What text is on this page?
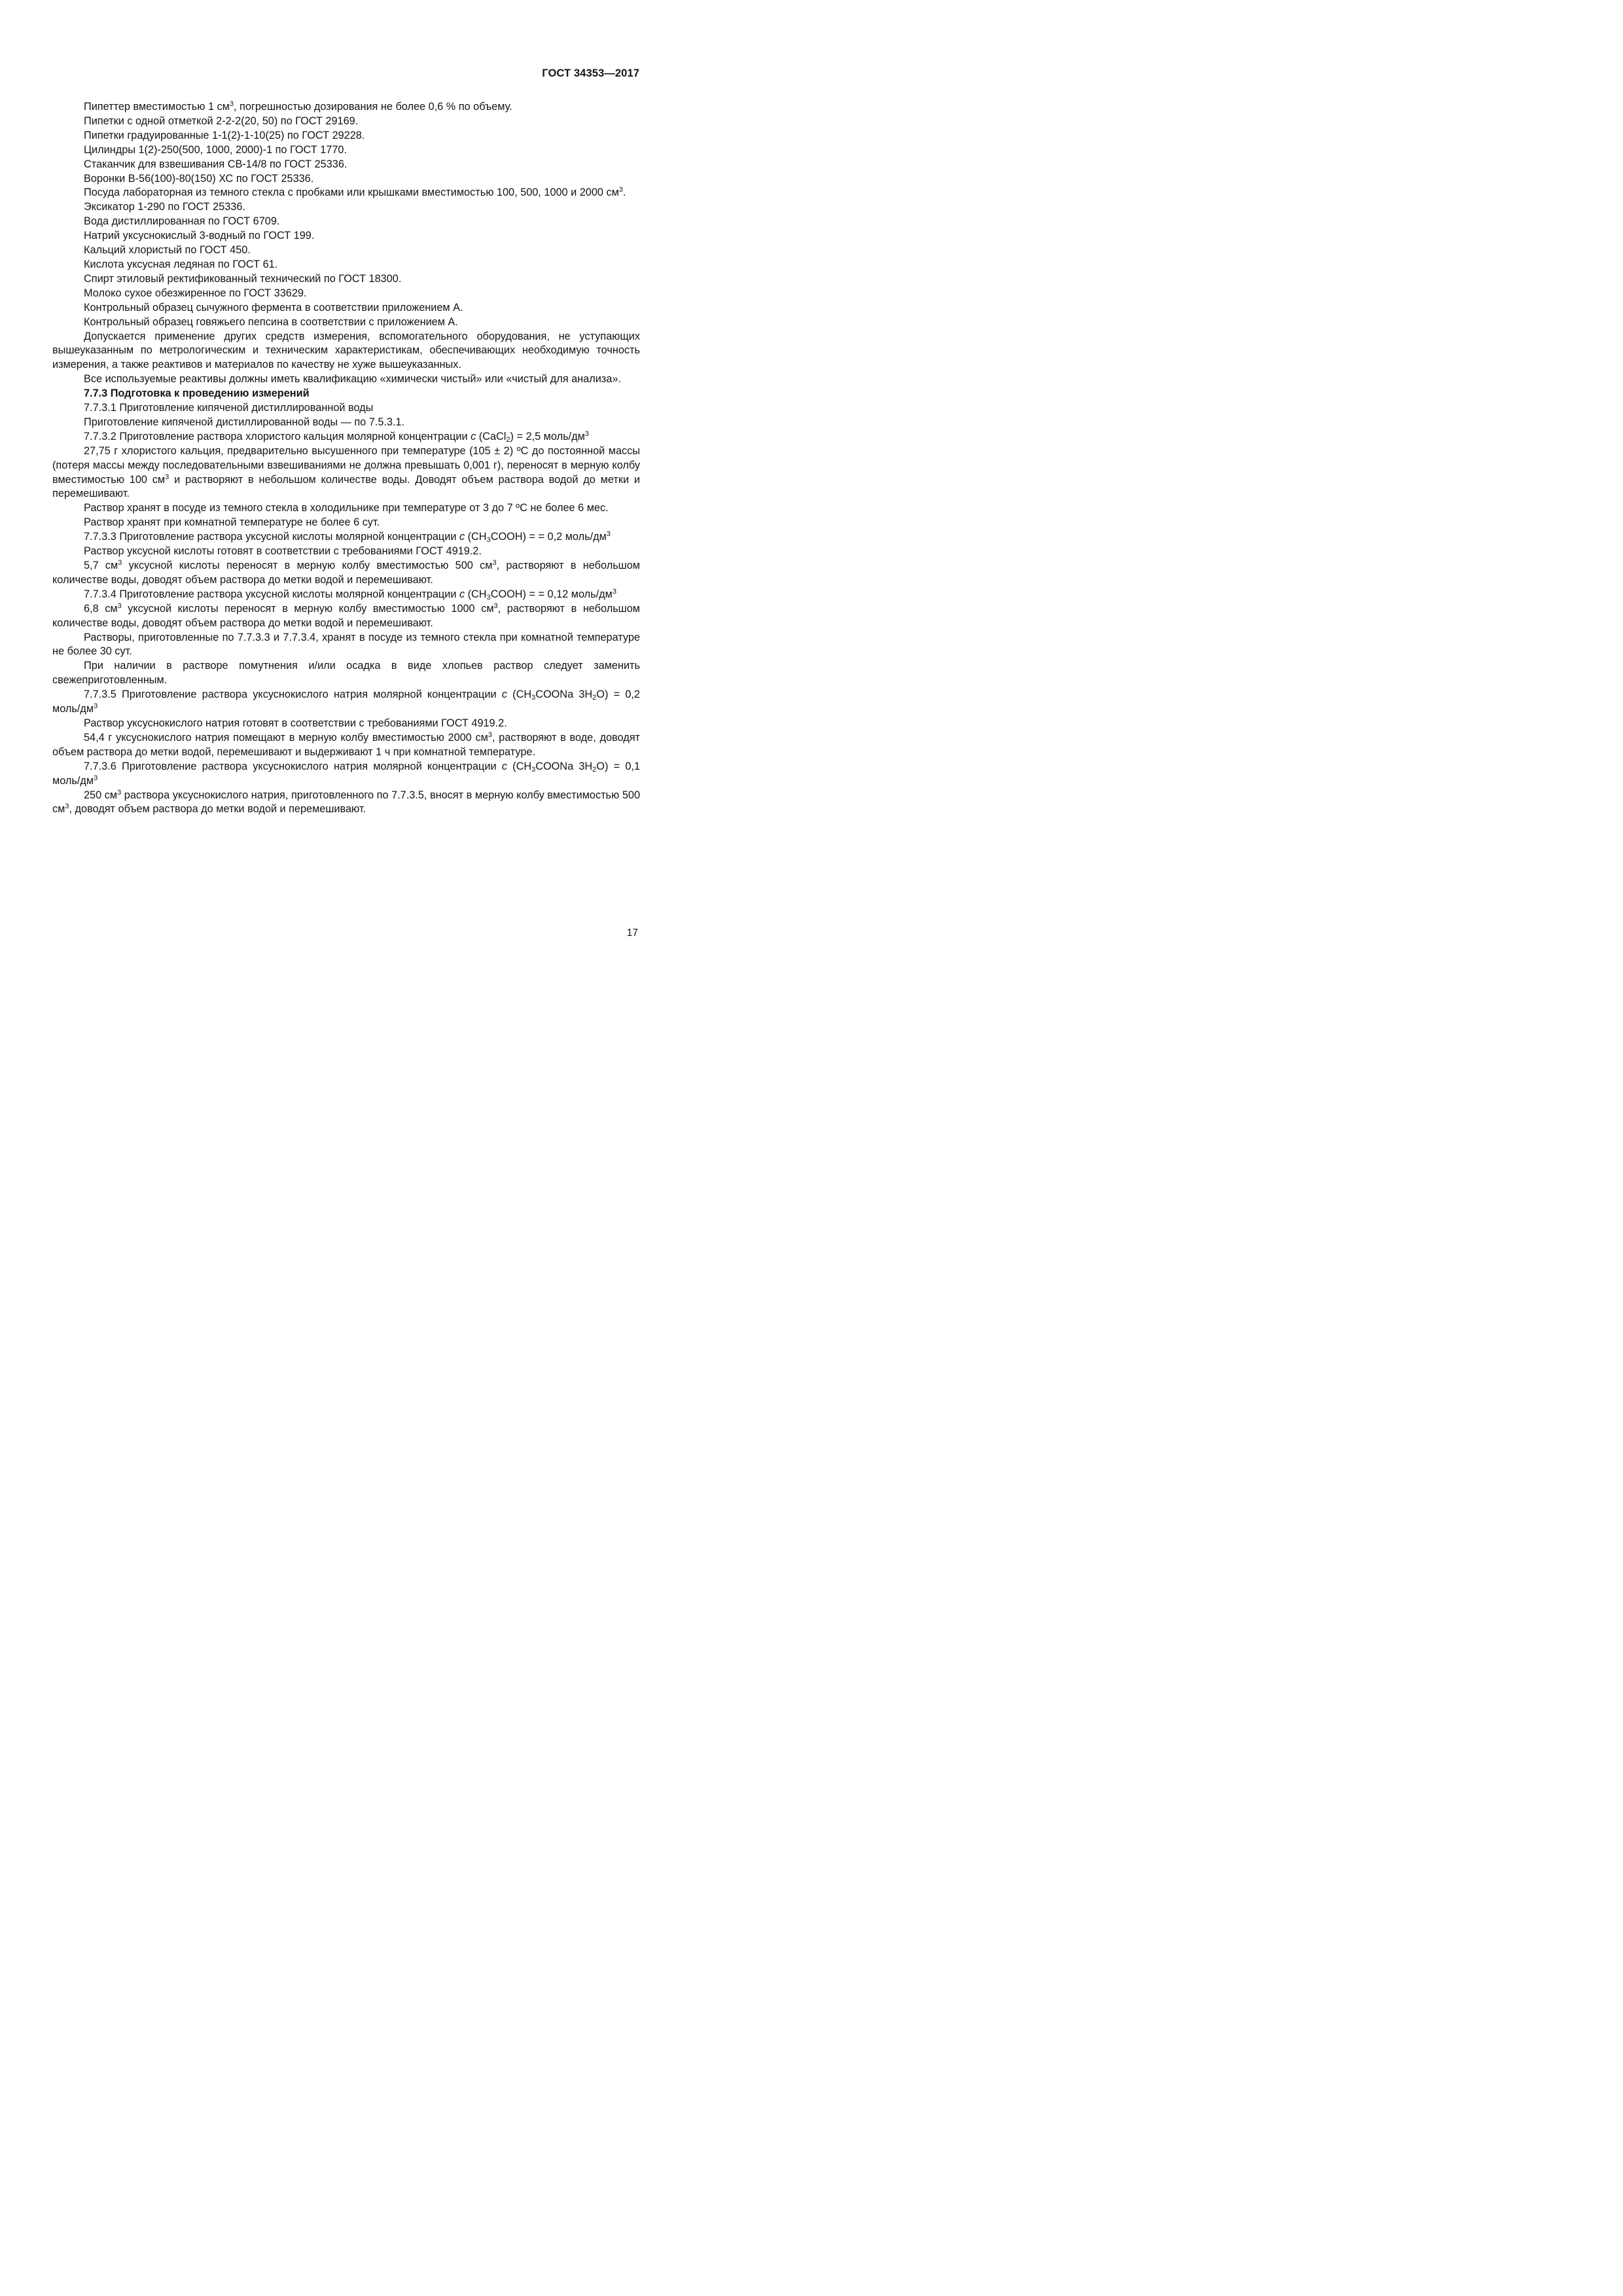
ГОСТ 34353—2017

Пипеттер вместимостью 1 $см^3$, погрешностью дозирования не более 0,6 % по объему.

Пипетки с одной отметкой 2-2-2(20, 50) по ГОСТ 29169.

Пипетки градуированные 1-1(2)-1-10(25) по ГОСТ 29228.

Цилиндры 1(2)-250(500, 1000, 2000)-1 по ГОСТ 1770.

Стаканчик для взвешивания СВ-14/8 по ГОСТ 25336.

Воронки В-56(100)-80(150) ХС по ГОСТ 25336.

Посуда лабораторная из темного стекла с пробками или крышками вместимостью 100, 500, 1000 и 2000 $см^3$.

Эксикатор 1-290 по ГОСТ 25336.

Вода дистиллированная по ГОСТ 6709.

Натрий уксуснокислый 3-водный по ГОСТ 199.

Кальций хлористый по ГОСТ 450.

Кислота уксусная ледяная по ГОСТ 61.

Спирт этиловый ректификованный технический по ГОСТ 18300.

Молоко сухое обезжиренное по ГОСТ 33629.

Контрольный образец сычужного фермента в соответствии приложением А.

Контрольный образец говяжьего пепсина в соответствии с приложением А.

Допускается применение других средств измерения, вспомогательного оборудования, не уступающих вышеуказанным по метрологическим и техническим характеристикам, обеспечивающих необходимую точность измерения, а также реактивов и материалов по качеству не хуже вышеуказанных.

Все используемые реактивы должны иметь квалификацию «химически чистый» или «чистый для анализа».

7.7.3 Подготовка к проведению измерений

7.7.3.1 Приготовление кипяченой дистиллированной воды

Приготовление кипяченой дистиллированной воды — по 7.5.3.1.

7.7.3.2 Приготовление раствора хлористого кальция молярной концентрации с (CaCl$_2$) = 2,5 моль/$дм^3$

27,75 г хлористого кальция, предварительно высушенного при температуре (105 ± 2) ºС до постоянной массы (потеря массы между последовательными взвешиваниями не должна превышать 0,001 г), переносят в мерную колбу вместимостью 100 $см^3$ и растворяют в небольшом количестве воды. Доводят объем раствора водой до метки и перемешивают.

Раствор хранят в посуде из темного стекла в холодильнике при температуре от 3 до 7 ºС не более 6 мес.

Раствор хранят при комнатной температуре не более 6 сут.

7.7.3.3 Приготовление раствора уксусной кислоты молярной концентрации с $(CH_3COOH)$ = = 0,2 моль/$дм^3$

Раствор уксусной кислоты готовят в соответствии с требованиями ГОСТ 4919.2.

5,7 $см^3$ уксусной кислоты переносят в мерную колбу вместимостью 500 $см^3$, растворяют в небольшом количестве воды, доводят объем раствора до метки водой и перемешивают.

7.7.3.4 Приготовление раствора уксусной кислоты молярной концентрации с $(CH_3COOH)$ = = 0,12 моль/$дм^3$

6,8 $см^3$ уксусной кислоты переносят в мерную колбу вместимостью 1000 $см^3$, растворяют в небольшом количестве воды, доводят объем раствора до метки водой и перемешивают.

Растворы, приготовленные по 7.7.3.3 и 7.7.3.4, хранят в посуде из темного стекла при комнатной температуре не более 30 сут.

При наличии в растворе помутнения и/или осадка в виде хлопьев раствор следует заменить свежеприготовленным.

7.7.3.5 Приготовление раствора уксуснокислого натрия молярной концентрации с ($CH_3COONa$ $3H_2O) = 0,2$ моль/$дм^3$

Раствор уксуснокислого натрия готовят в соответствии с требованиями ГОСТ 4919.2.

54,4 г уксуснокислого натрия помещают в мерную колбу вместимостью 2000 $см^3$, растворяют в воде, доводят объем раствора до метки водой, перемешивают и выдерживают 1 ч при комнатной температуре.

7.7.3.6 Приготовление раствора уксуснокислого натрия молярной концентрации с ($CH_3COONa$ $3H_2O) = 0,1$ моль/$дм^3$

250 $см^3$ раствора уксуснокислого натрия, приготовленного по 7.7.3.5, вносят в мерную колбу вместимостью 500 $см^3$, доводят объем раствора до метки водой и перемешивают.

17
